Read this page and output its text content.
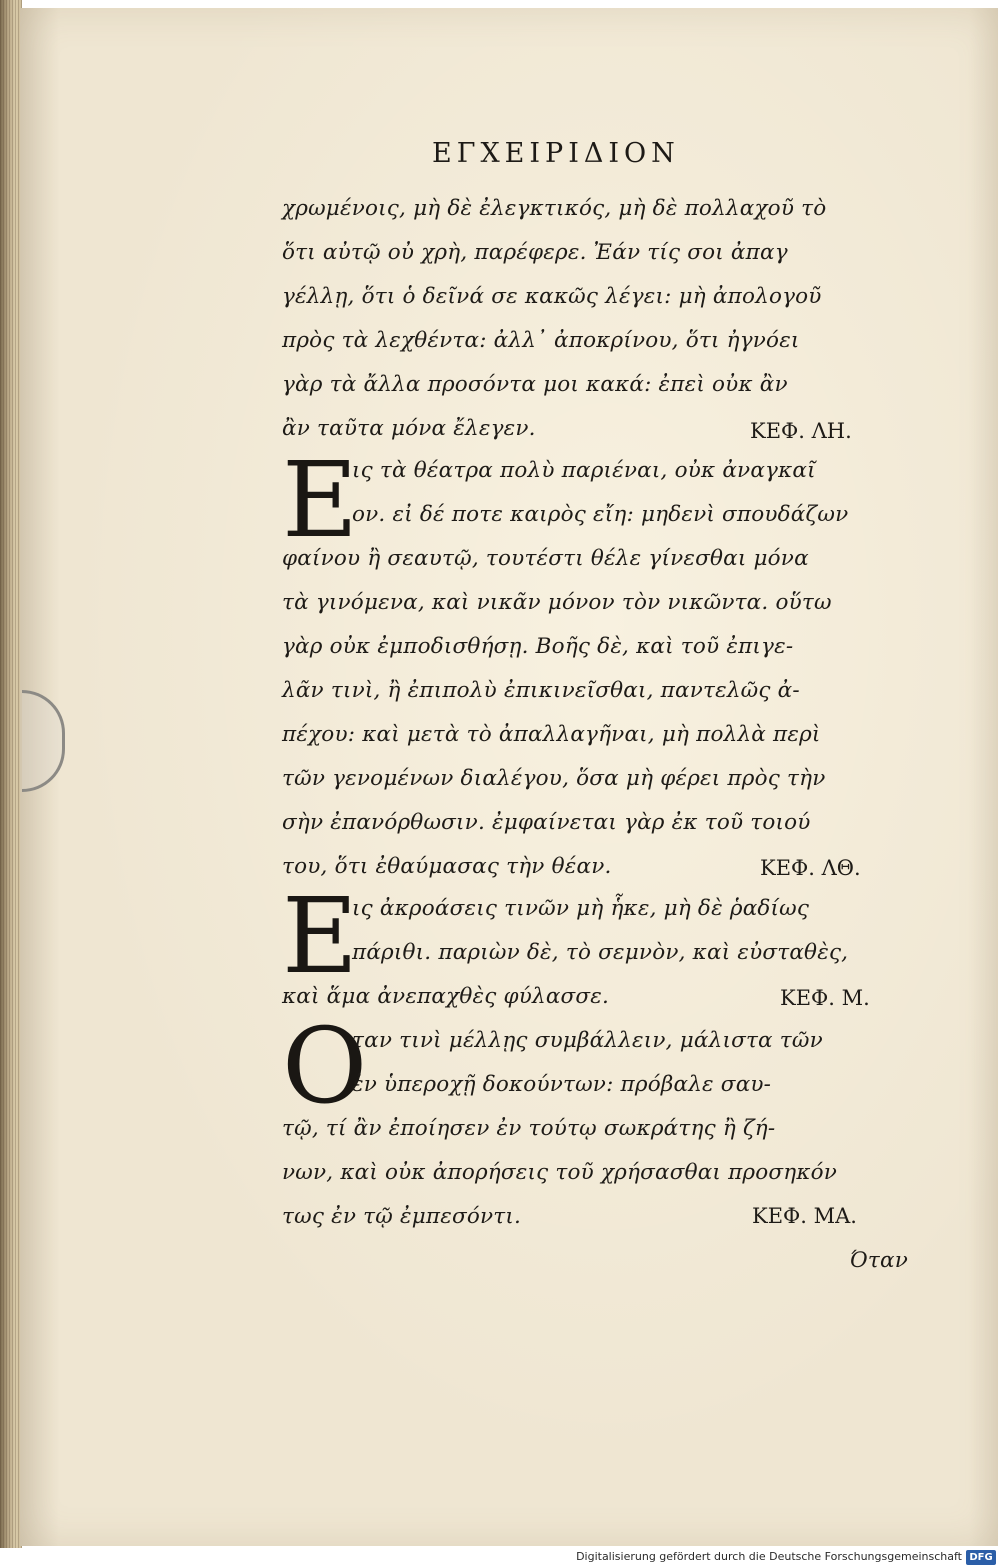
ΕΓΧΕΙΡΙΔΙΟΝ
χρωμένοις, μὴ δὲ ἐλεγκτικός, μὴ δὲ πολλαχοῦ τὸ
ὅτι αὐτῷ οὐ χρὴ, παρέφερε. Ἐάν τίς σοι ἀπαγ
γέλλῃ, ὅτι ὁ δεῖνά σε κακῶς λέγει: μὴ ἀπολογοῦ
πρὸς τὰ λεχθέντα: ἀλλ᾽ ἀποκρίνου, ὅτι ἠγνόει
γὰρ τὰ ἄλλα προσόντα μοι κακά: ἐπεὶ οὐκ ἂν
ἂν ταῦτα μόνα ἔλεγεν.	ΚΕΦ. ΛΗ.
E
ις τὰ θέατρα πολὺ παριέναι, οὐκ ἀναγκαῖ
ον. εἰ δέ ποτε καιρὸς εἴη: μηδενὶ σπουδάζων
φαίνου ἢ σεαυτῷ, τουτέστι θέλε γίνεσθαι μόνα
τὰ γινόμενα, καὶ νικᾶν μόνον τὸν νικῶντα. οὕτω
γὰρ οὐκ ἐμποδισθήσῃ. Βοῆς δὲ, καὶ τοῦ ἐπιγε-
λᾶν τινὶ, ἢ ἐπιπολὺ ἐπικινεῖσθαι, παντελῶς ἀ-
πέχου: καὶ μετὰ τὸ ἀπαλλαγῆναι, μὴ πολλὰ περὶ
τῶν γενομένων διαλέγου, ὅσα μὴ φέρει πρὸς τὴν
σὴν ἐπανόρθωσιν. ἐμφαίνεται γὰρ ἐκ τοῦ τοιού
του, ὅτι ἐθαύμασας τὴν θέαν.	ΚΕΦ. ΛΘ.
E
ις ἀκροάσεις τινῶν μὴ ἧκε, μὴ δὲ ῥαδίως
πάριθι. παριὼν δὲ, τὸ σεμνὸν, καὶ εὐσταθὲς,
καὶ ἅμα ἀνεπαχθὲς φύλασσε.	ΚΕΦ. Μ.
O
ταν τινὶ μέλλῃς συμβάλλειν, μάλιστα τῶν
ἐν ὑπεροχῇ δοκούντων: πρόβαλε σαυ-
τῷ, τί ἂν ἐποίησεν ἐν τούτῳ σωκράτης ἢ ζή-
νων, καὶ οὐκ ἀπορήσεις τοῦ χρήσασθαι προσηκόν
τως ἐν τῷ ἐμπεσόντι.	ΚΕΦ. ΜΑ.
Όταν
Digitalisierung gefördert durch die Deutsche Forschungsgemeinschaft DFG
